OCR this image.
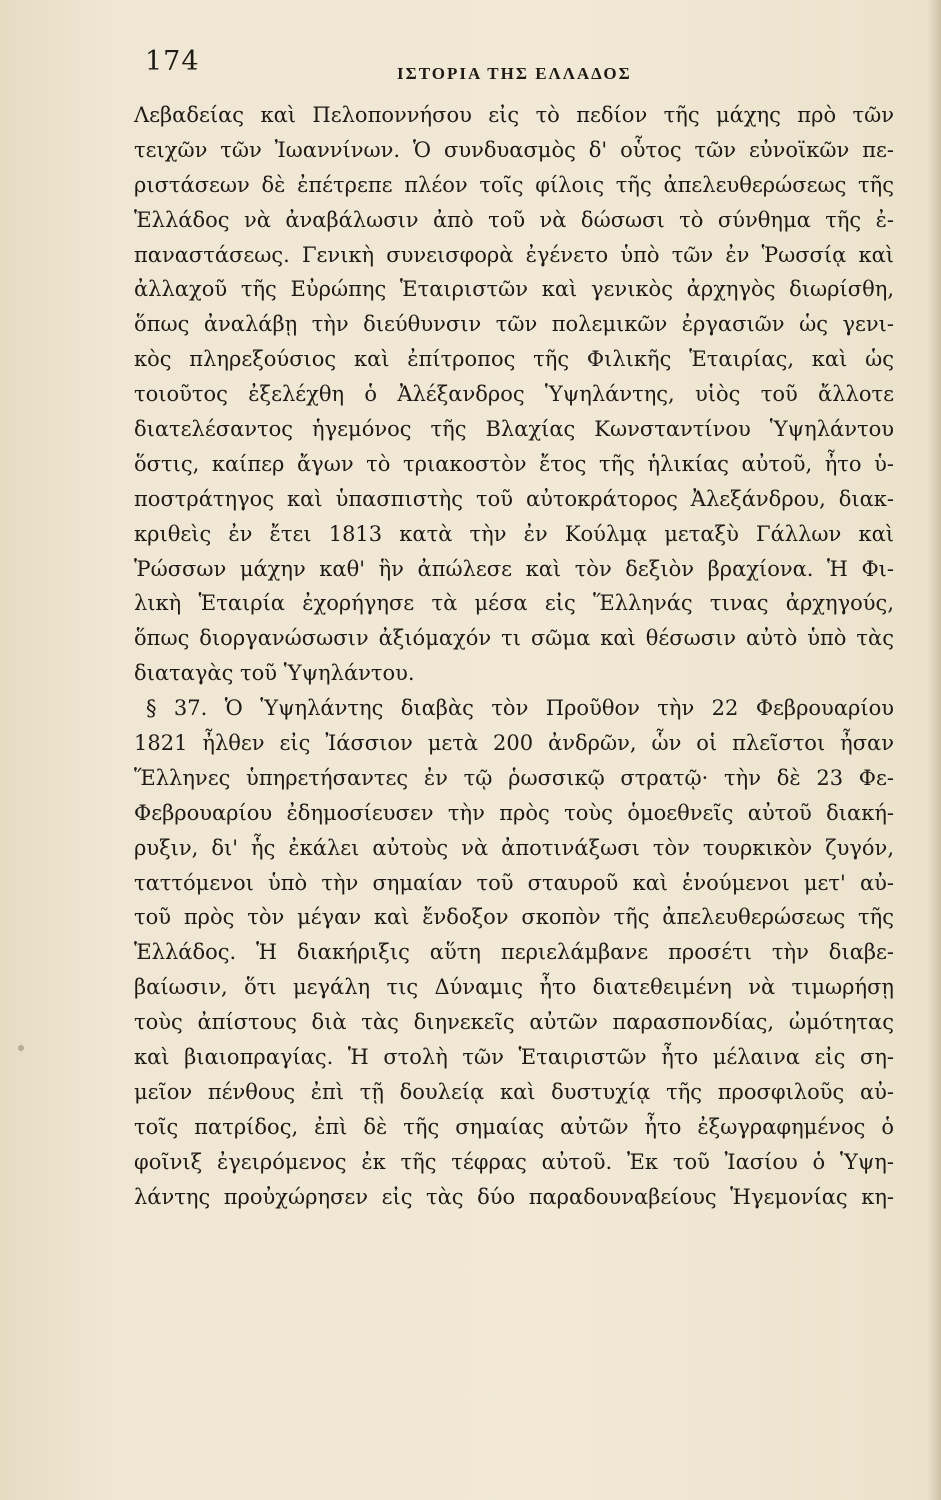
174	ΙΣΤΟΡΙΑ ΤΗΣ ΕΛΛΑΔΟΣ
Λεβαδείας καὶ Πελοποννήσου εἰς τὸ πεδίον τῆς μάχης πρὸ τῶν
τειχῶν τῶν Ἰωαννίνων. Ὁ συνδυασμὸς δ' οὗτος τῶν εὐνοϊκῶν πε-
ριστάσεων δὲ ἐπέτρεπε πλέον τοῖς φίλοις τῆς ἀπελευθερώσεως τῆς
Ἑλλάδος νὰ ἀναβάλωσιν ἀπὸ τοῦ νὰ δώσωσι τὸ σύνθημα τῆς ἐ-
παναστάσεως. Γενικὴ συνεισφορὰ ἐγένετο ὑπὸ τῶν ἐν Ῥωσσίᾳ καὶ
ἀλλαχοῦ τῆς Εὐρώπης Ἑταιριστῶν καὶ γενικὸς ἀρχηγὸς διωρίσθη,
ὅπως ἀναλάβῃ τὴν διεύθυνσιν τῶν πολεμικῶν ἐργασιῶν ὡς γενι-
κὸς πληρεξούσιος καὶ ἐπίτροπος τῆς Φιλικῆς Ἑταιρίας, καὶ ὡς
τοιοῦτος ἐξελέχθη ὁ Ἀλέξανδρος Ὑψηλάντης, υἱὸς τοῦ ἄλλοτε
διατελέσαντος ἡγεμόνος τῆς Βλαχίας Κωνσταντίνου Ὑψηλάντου
ὅστις, καίπερ ἄγων τὸ τριακοστὸν ἔτος τῆς ἡλικίας αὐτοῦ, ἦτο ὑ-
ποστράτηγος καὶ ὑπασπιστὴς τοῦ αὐτοκράτορος Ἀλεξάνδρου, διακ-
κριθεὶς ἐν ἔτει 1813 κατὰ τὴν ἐν Κούλμᾳ μεταξὺ Γάλλων καὶ
Ῥώσσων μάχην καθ' ἣν ἀπώλεσε καὶ τὸν δεξιὸν βραχίονα. Ἡ Φι-
λικὴ Ἑταιρία ἐχορήγησε τὰ μέσα εἰς Ἕλληνάς τινας ἀρχηγούς,
ὅπως διοργανώσωσιν ἀξιόμαχόν τι σῶμα καὶ θέσωσιν αὐτὸ ὑπὸ τὰς
διαταγὰς τοῦ Ὑψηλάντου.
§ 37. Ὁ Ὑψηλάντης διαβὰς τὸν Προῦθον τὴν 22 Φεβρουαρίου
1821 ἦλθεν εἰς Ἰάσσιον μετὰ 200 ἀνδρῶν, ὧν οἱ πλεῖστοι ἦσαν
Ἕλληνες ὑπηρετήσαντες ἐν τῷ ῥωσσικῷ στρατῷ· τὴν δὲ 23 Φε-
Φεβρουαρίου ἐδημοσίευσεν τὴν πρὸς τοὺς ὁμοεθνεῖς αὐτοῦ διακή-
ρυξιν, δι' ἧς ἐκάλει αὐτοὺς νὰ ἀποτινάξωσι τὸν τουρκικὸν ζυγόν,
ταττόμενοι ὑπὸ τὴν σημαίαν τοῦ σταυροῦ καὶ ἑνούμενοι μετ' αὐ-
τοῦ πρὸς τὸν μέγαν καὶ ἔνδοξον σκοπὸν τῆς ἀπελευθερώσεως τῆς
Ἑλλάδος. Ἡ διακήριξις αὕτη περιελάμβανε προσέτι τὴν διαβε-
βαίωσιν, ὅτι μεγάλη τις Δύναμις ἦτο διατεθειμένη νὰ τιμωρήσῃ
τοὺς ἀπίστους διὰ τὰς διηνεκεῖς αὐτῶν παρασπονδίας, ὠμότητας
καὶ βιαιοπραγίας. Ἡ στολὴ τῶν Ἑταιριστῶν ἦτο μέλαινα εἰς ση-
μεῖον πένθους ἐπὶ τῇ δουλείᾳ καὶ δυστυχίᾳ τῆς προσφιλοῦς αὐ-
τοῖς πατρίδος, ἐπὶ δὲ τῆς σημαίας αὐτῶν ἦτο ἐξωγραφημένος ὁ
φοῖνιξ ἐγειρόμενος ἐκ τῆς τέφρας αὐτοῦ. Ἐκ τοῦ Ἰασίου ὁ Ὑψη-
λάντης προὐχώρησεν εἰς τὰς δύο παραδουναβείους Ἡγεμονίας κη-
